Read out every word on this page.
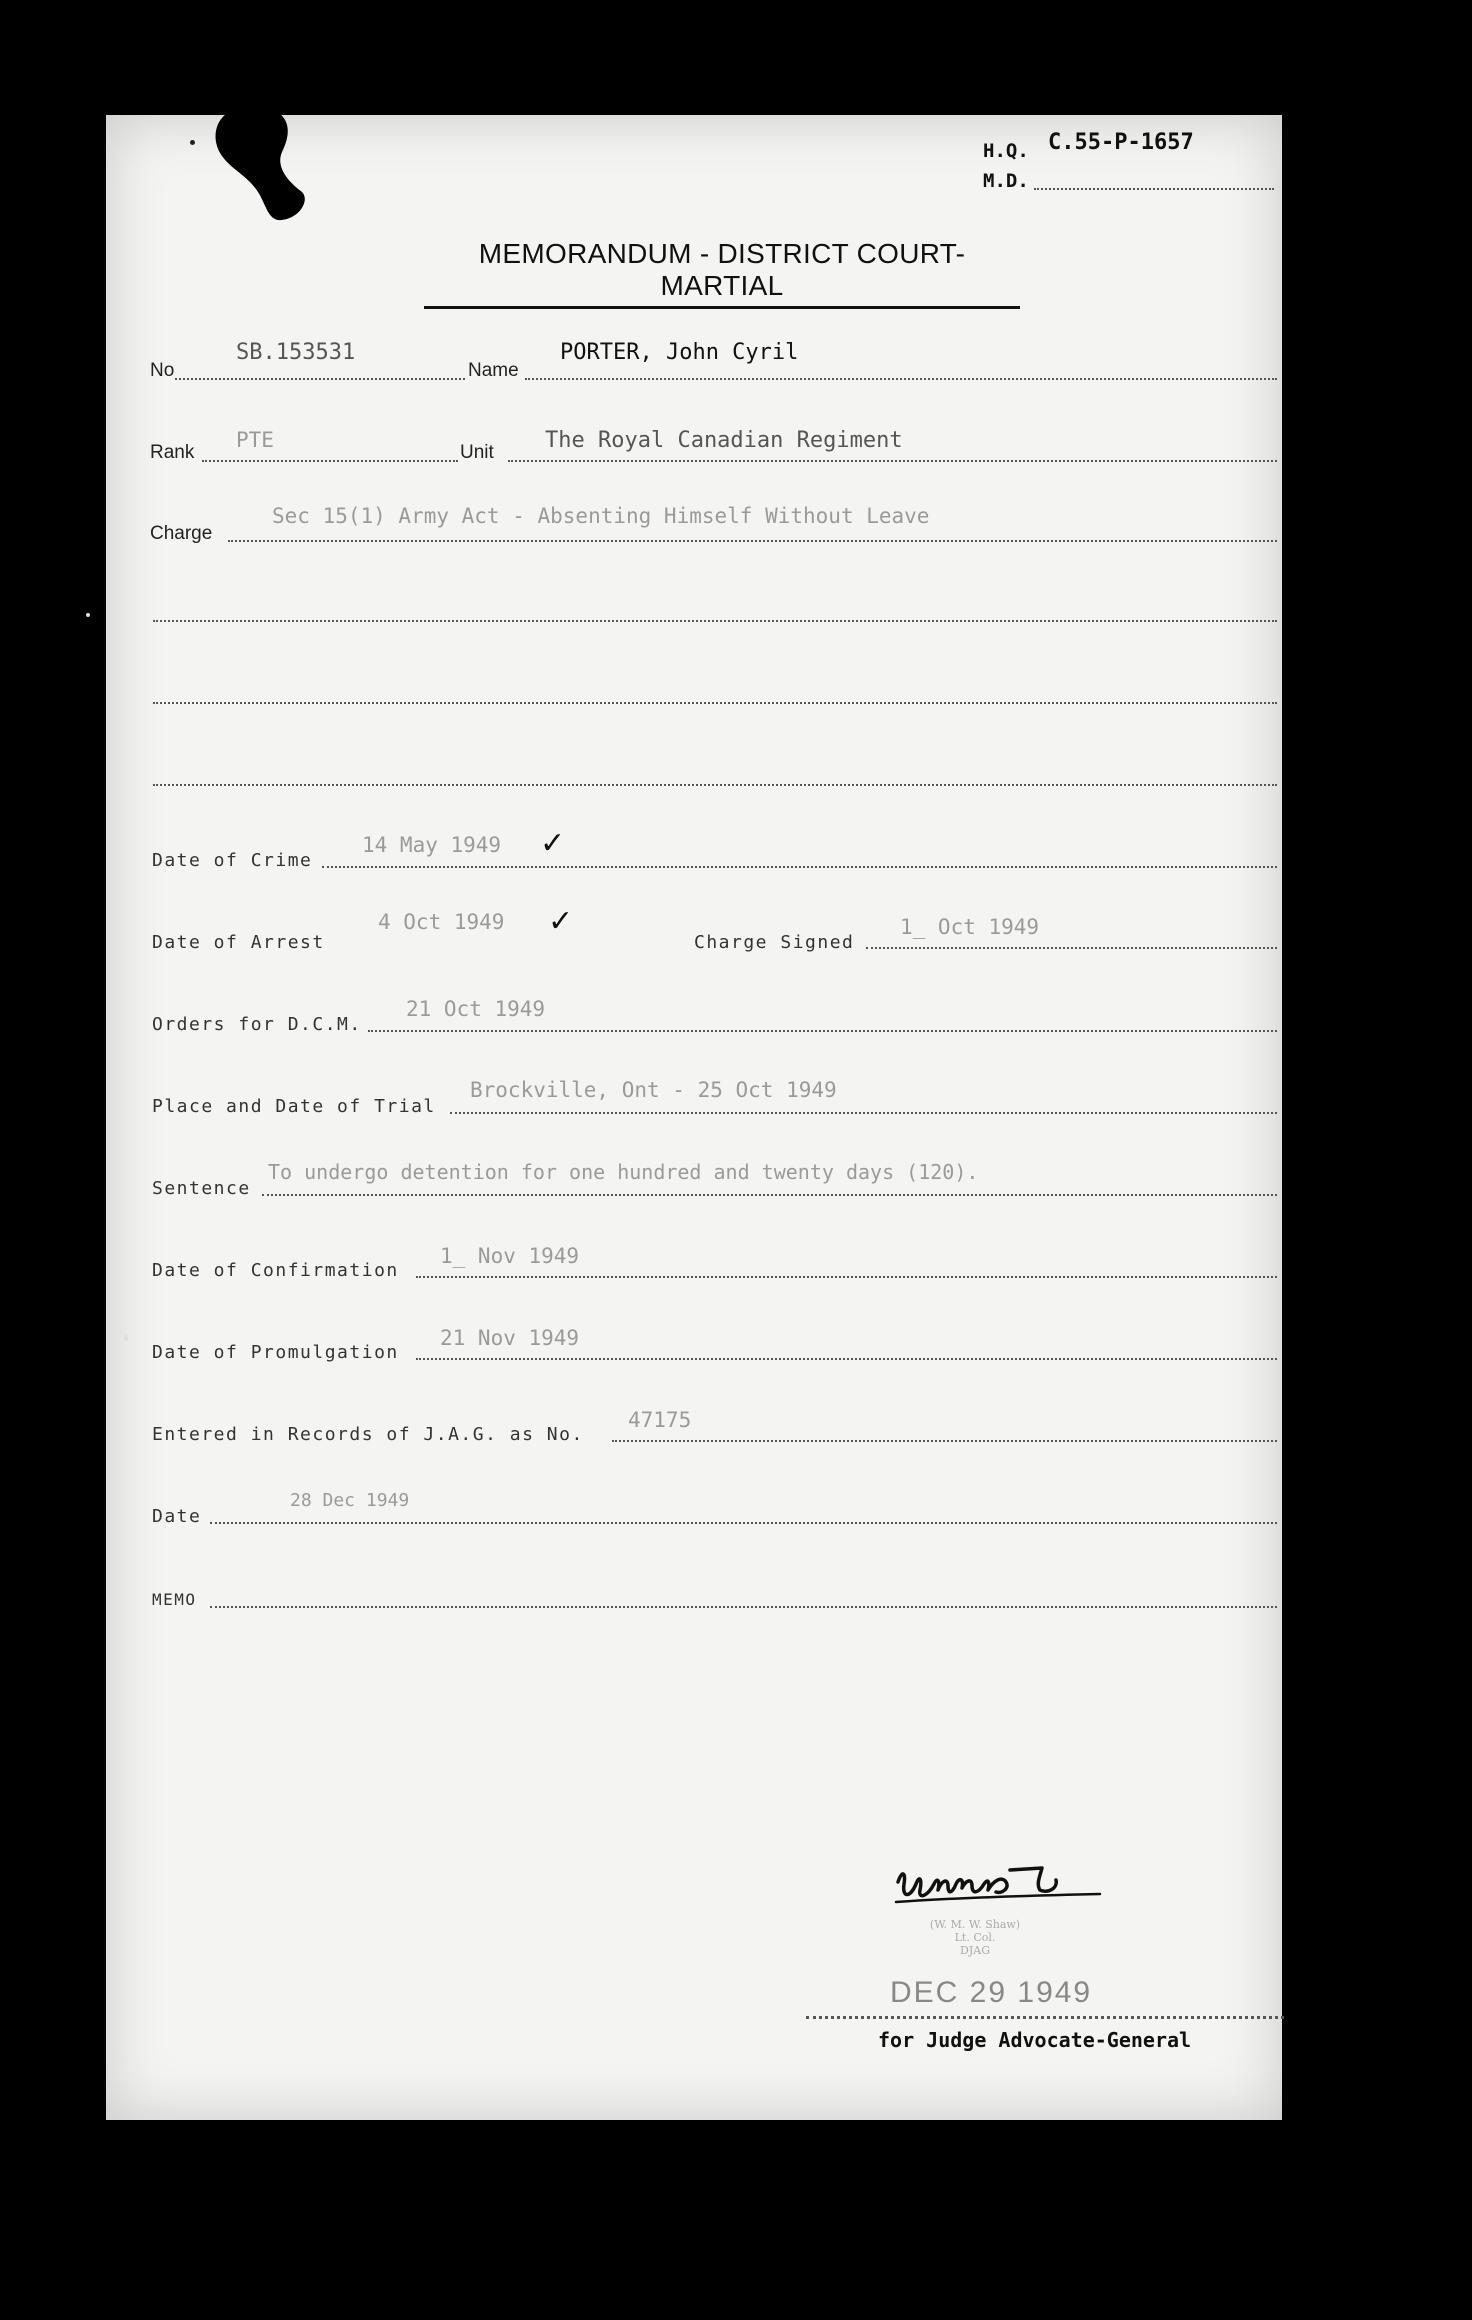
H.Q. C.55-P-1657
M.D.
MEMORANDUM - DISTRICT COURT-MARTIAL
No
SB.153531
Name
PORTER, John Cyril
Rank
PTE
Unit The Royal Canadian Regiment
Charge
Sec 15(1) Army Act - Absenting Himself Without Leave
Date of Crime
14 May 1949 ✓
Date of Arrest
4 Oct 1949 ✓
Charge Signed
1_ Oct 1949
Orders for D.C.M.
21 Oct 1949
Place and Date of Trial
Brockville, Ont - 25 Oct 1949
Sentence
To undergo detention for one hundred and twenty days (120).
Date of Confirmation
1_ Nov 1949
Date of Promulgation
21 Nov 1949
Entered in Records of J.A.G. as No.
47175
Date
28 Dec 1949
MEMO
(W. M. W. Shaw)
Lt. Col.
DJAG
DEC 29 1949
for Judge Advocate-General
